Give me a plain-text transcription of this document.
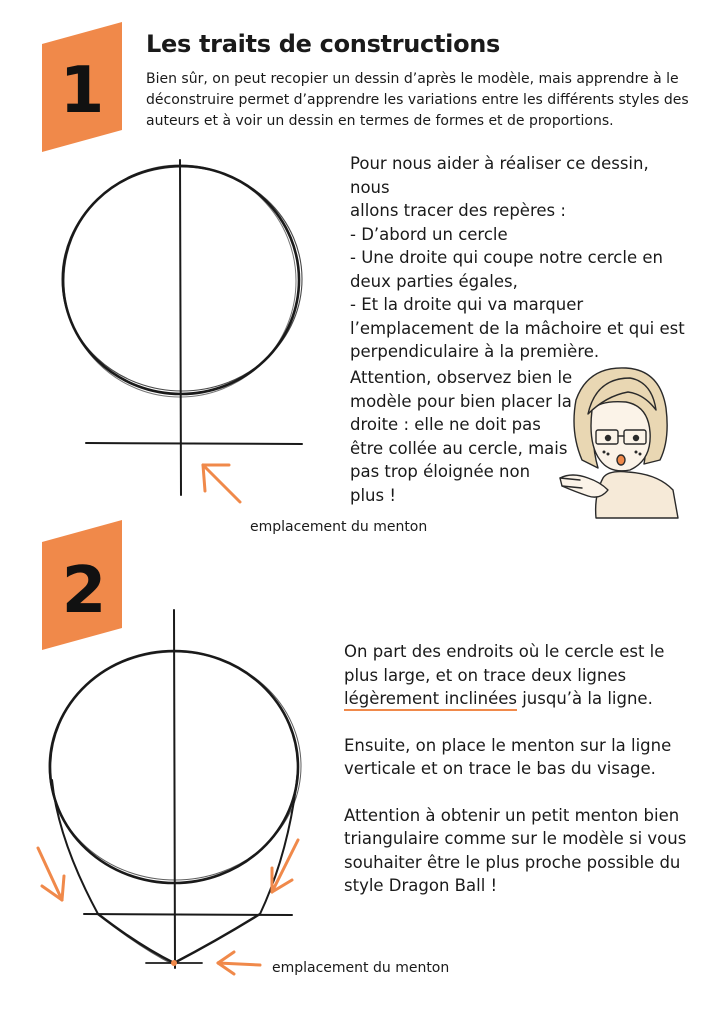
1
Les traits de constructions
Bien sûr, on peut recopier un dessin d’après le modèle, mais apprendre à le déconstruire permet d’apprendre les variations entre les différents styles des auteurs et à voir un dessin en termes de formes et de proportions.

Pour nous aider à réaliser ce dessin, nous

allons tracer des repères :

- D’abord un cercle

- Une droite qui coupe notre cercle en

deux parties égales,

- Et la droite qui va marquer

l’emplacement de la mâchoire et qui est

perpendiculaire à la première.

Attention, observez bien le

modèle pour bien placer la

droite : elle ne doit pas

être collée au cercle, mais

pas trop éloignée non

plus !

emplacement du menton
2

On part des endroits où le cercle est le

plus large, et on trace deux lignes

légèrement inclinées jusqu’à la ligne.

Ensuite, on place le menton sur la ligne

verticale et on trace le bas du visage.

Attention à obtenir un petit menton bien

triangulaire comme sur le modèle si vous

souhaiter être le plus proche possible du

style Dragon Ball !

emplacement du menton
